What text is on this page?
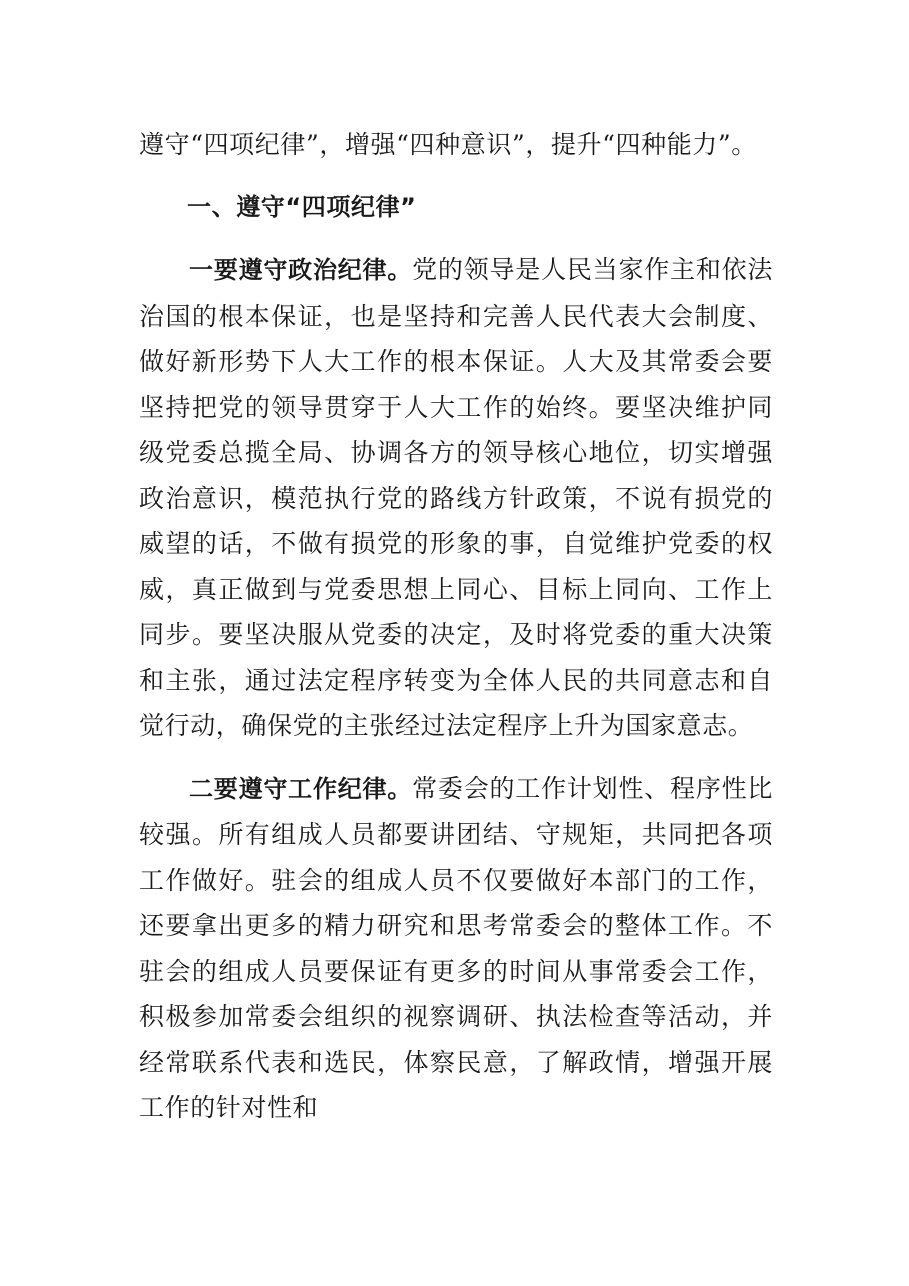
遵守“四项纪律”，增强“四种意识”，提升“四种能力”。

一、遵守“四项纪律”

一要遵守政治纪律。党的领导是人民当家作主和依法治国的根本保证，也是坚持和完善人民代表大会制度、做好新形势下人大工作的根本保证。人大及其常委会要坚持把党的领导贯穿于人大工作的始终。要坚决维护同级党委总揽全局、协调各方的领导核心地位，切实增强政治意识，模范执行党的路线方针政策，不说有损党的威望的话，不做有损党的形象的事，自觉维护党委的权威，真正做到与党委思想上同心、目标上同向、工作上同步。要坚决服从党委的决定，及时将党委的重大决策和主张，通过法定程序转变为全体人民的共同意志和自觉行动，确保党的主张经过法定程序上升为国家意志。

二要遵守工作纪律。常委会的工作计划性、程序性比较强。所有组成人员都要讲团结、守规矩，共同把各项工作做好。驻会的组成人员不仅要做好本部门的工作，还要拿出更多的精力研究和思考常委会的整体工作。不驻会的组成人员要保证有更多的时间从事常委会工作，积极参加常委会组织的视察调研、执法检查等活动，并经常联系代表和选民，体察民意，了解政情，增强开展工作的针对性和
